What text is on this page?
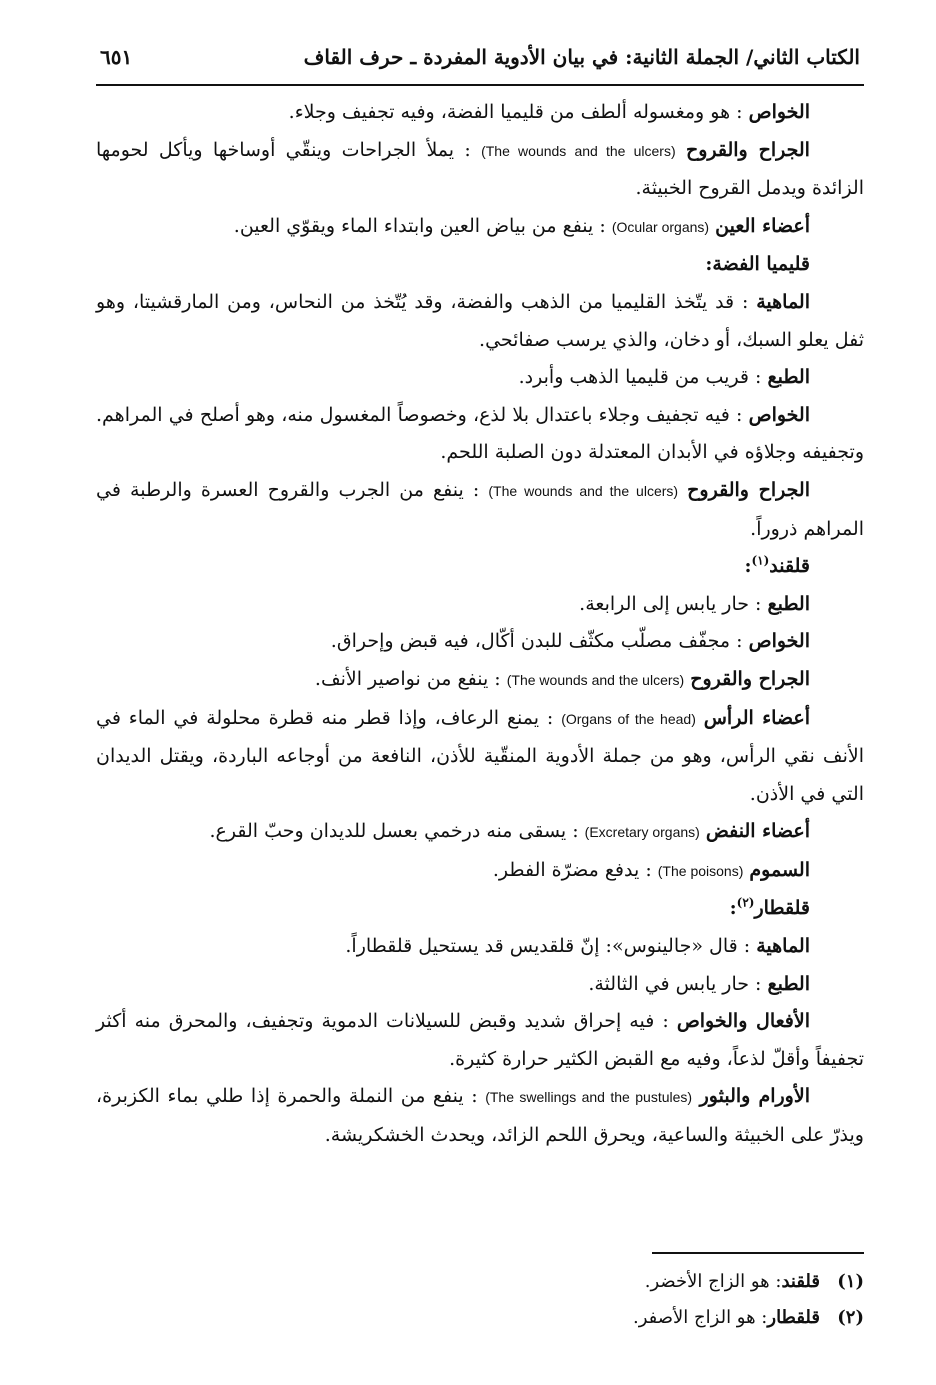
الكتاب الثاني/ الجملة الثانية: في بيان الأدوية المفردة ـ حرف القاف
٦٥١

الخواص : هو ومغسوله ألطف من قليميا الفضة، وفيه تجفيف وجلاء.

الجراح والقروح (The wounds and the ulcers) : يملأ الجراحات وينقّي أوساخها ويأكل لحومها الزائدة ويدمل القروح الخبيثة.

أعضاء العين (Ocular organs) : ينفع من بياض العين وابتداء الماء ويقوّي العين.

قليميا الفضة:

الماهية : قد يتّخذ القليميا من الذهب والفضة، وقد يُتّخذ من النحاس، ومن المارقشيتا، وهو ثفل يعلو السبك، أو دخان، والذي يرسب صفائحي.

الطبع : قريب من قليميا الذهب وأبرد.

الخواص : فيه تجفيف وجلاء باعتدال بلا لذع، وخصوصاً المغسول منه، وهو أصلح في المراهم. وتجفيفه وجلاؤه في الأبدان المعتدلة دون الصلبة اللحم.

الجراح والقروح (The wounds and the ulcers) : ينفع من الجرب والقروح العسرة والرطبة في المراهم ذروراً.

قلقند$^{(١)}$:

الطبع : حار يابس إلى الرابعة.

الخواص : مجفّف مصلّب مكثّف للبدن أكّال، فيه قبض وإحراق.

الجراح والقروح (The wounds and the ulcers) : ينفع من نواصير الأنف.

أعضاء الرأس (Organs of the head) : يمنع الرعاف، وإذا قطر منه قطرة محلولة في الماء في الأنف نقي الرأس، وهو من جملة الأدوية المنقّية للأذن، النافعة من أوجاعه الباردة، ويقتل الديدان التي في الأذن.

أعضاء النفض (Excretary organs) : يسقى منه درخمي بعسل للديدان وحبّ القرع.

السموم (The poisons) : يدفع مضرّة الفطر.

قلقطار$^{(٢)}$:

الماهية : قال «جالينوس»: إنّ قلقديس قد يستحيل قلقطاراً.

الطبع : حار يابس في الثالثة.

الأفعال والخواص : فيه إحراق شديد وقبض للسيلانات الدموية وتجفيف، والمحرق منه أكثر تجفيفاً وأقلّ لذعاً، وفيه مع القبض الكثير حرارة كثيرة.

الأورام والبثور (The swellings and the pustules) : ينفع من النملة والحمرة إذا طلي بماء الكزبرة، ويذرّ على الخبيثة والساعية، ويحرق اللحم الزائد، ويحدث الخشكريشة.

(١)قلقند: هو الزاج الأخضر.

(٢)قلقطار: هو الزاج الأصفر.
